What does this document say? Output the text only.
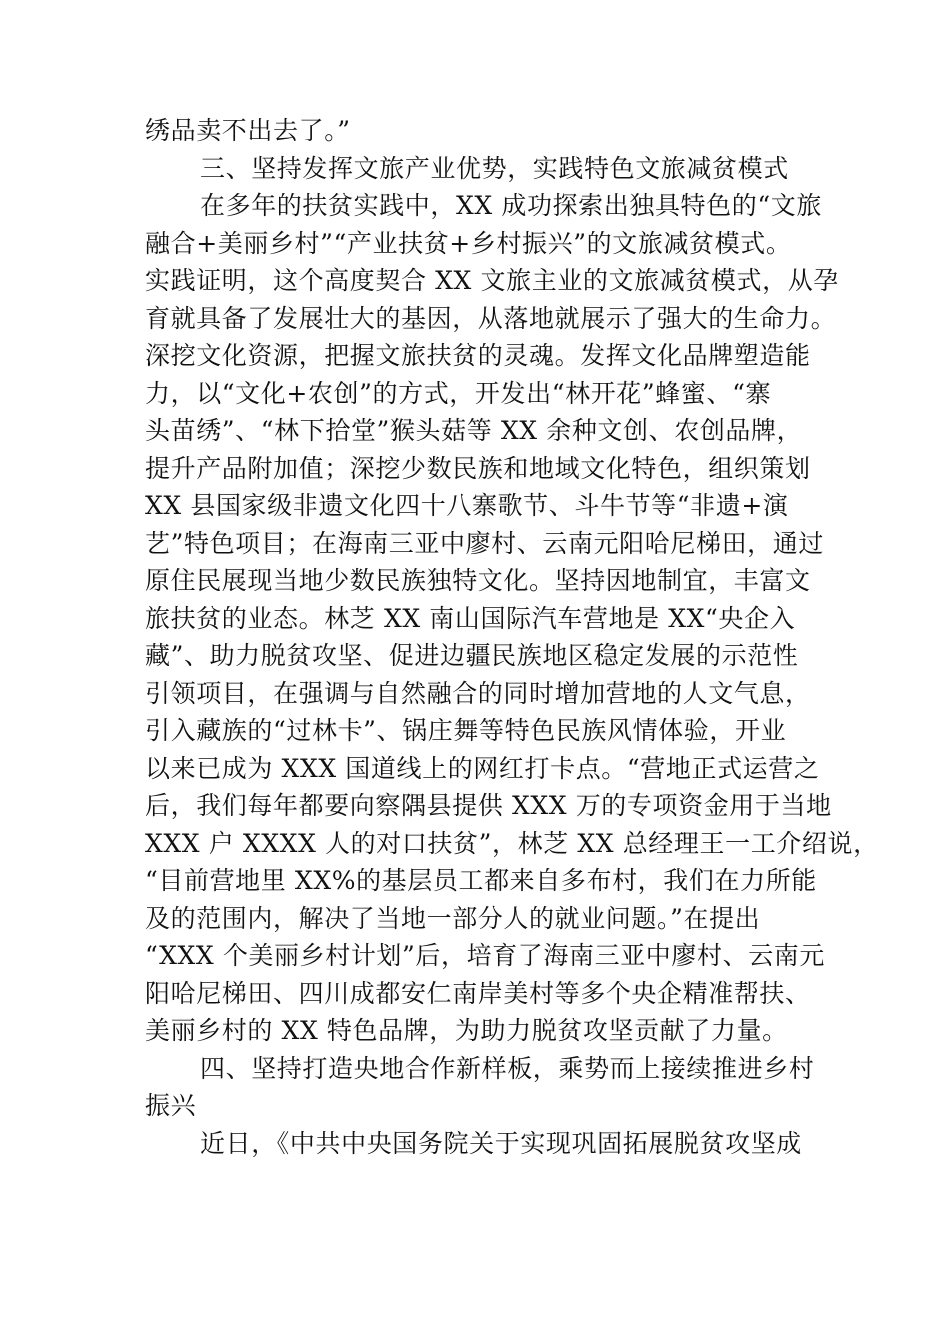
绣品卖不出去了。”
三、坚持发挥文旅产业优势，实践特色文旅减贫模式
在多年的扶贫实践中，XX 成功探索出独具特色的“文旅
融合+美丽乡村”“产业扶贫+乡村振兴”的文旅减贫模式。
实践证明，这个高度契合 XX 文旅主业的文旅减贫模式，从孕
育就具备了发展壮大的基因，从落地就展示了强大的生命力。
深挖文化资源，把握文旅扶贫的灵魂。发挥文化品牌塑造能
力，以“文化+农创”的方式，开发出“林开花”蜂蜜、“寨
头苗绣”、“林下拾堂”猴头菇等 XX 余种文创、农创品牌，
提升产品附加值；深挖少数民族和地域文化特色，组织策划
XX 县国家级非遗文化四十八寨歌节、斗牛节等“非遗+演
艺”特色项目；在海南三亚中廖村、云南元阳哈尼梯田，通过
原住民展现当地少数民族独特文化。坚持因地制宜，丰富文
旅扶贫的业态。林芝 XX 南山国际汽车营地是 XX“央企入
藏”、助力脱贫攻坚、促进边疆民族地区稳定发展的示范性
引领项目，在强调与自然融合的同时增加营地的人文气息，
引入藏族的“过林卡”、锅庄舞等特色民族风情体验，开业
以来已成为 XXX 国道线上的网红打卡点。“营地正式运营之
后，我们每年都要向察隅县提供 XXX 万的专项资金用于当地
XXX 户 XXXX 人的对口扶贫”，林芝 XX 总经理王一工介绍说，
“目前营地里 XX%的基层员工都来自多布村，我们在力所能
及的范围内，解决了当地一部分人的就业问题。”在提出
“XXX 个美丽乡村计划”后，培育了海南三亚中廖村、云南元
阳哈尼梯田、四川成都安仁南岸美村等多个央企精准帮扶、
美丽乡村的 XX 特色品牌，为助力脱贫攻坚贡献了力量。
四、坚持打造央地合作新样板，乘势而上接续推进乡村
振兴
近日，《中共中央国务院关于实现巩固拓展脱贫攻坚成
